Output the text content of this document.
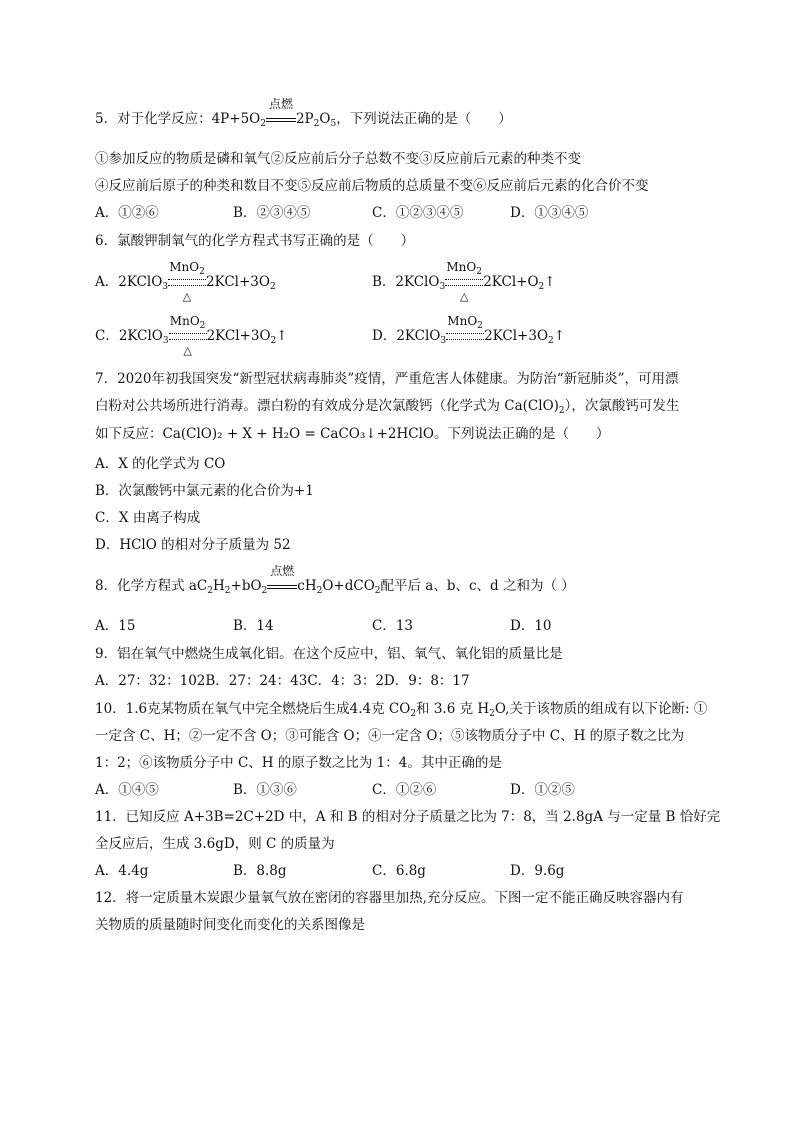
5．对于化学反应：$4P+5O_2$
点燃
$2P_2O_5$，下列说法正确的是（　　）
①参加反应的物质是磷和氧气②反应前后分子总数不变③反应前后元素的种类不变
④反应前后原子的种类和数目不变⑤反应前后物质的总质量不变⑥反应前后元素的化合价不变
A．①②⑥	B．②③④⑤	C．①②③④⑤	D．①③④⑤
6．氯酸钾制氧气的化学方程式书写正确的是（　　）
A．2KClO$_3$
MnO$_2$
△
$2KCl+3O_2$	B．2KClO$_3$
MnO$_2$
△
$2KCl+O_2↑$
C．2KClO$_3$
MnO$_2$
△
$2KCl+3O_2↑$	D．2KClO$_3$
MnO$_2$
$2KCl+3O_2↑$
7．2020年初我国突发“新型冠状病毒肺炎”疫情，严重危害人体健康。为防治“新冠肺炎”，可用漂
白粉对公共场所进行消毒。漂白粉的有效成分是次氯酸钙（化学式为 $Ca(ClO)_2$），次氯酸钙可发生
如下反应：Ca(ClO)₂ + X + H₂O = CaCO₃↓+2HClO。下列说法正确的是（　　）
A．X 的化学式为 CO
B．次氯酸钙中氯元素的化合价为+1
C．X 由离子构成
D．HClO 的相对分子质量为 52
8．化学方程式 $aC_2H_2+bO_2$
点燃
$cH_2O+dCO_2$配平后 a、b、c、d 之和为（ ）
A．15	B．14	C．13	D．10
9．铝在氧气中燃烧生成氧化铝。在这个反应中，铝、氧气、氧化铝的质量比是
A．27：32：102B．27：24：43C．4：3：2D．9：8：17
10．1.6克某物质在氧气中完全燃烧后生成4.4克 $CO_2$和 3.6 克 $H_2O$,关于该物质的组成有以下论断: ①
一定含 C、H；②一定不含 O；③可能含 O；④一定含 O；⑤该物质分子中 C、H 的原子数之比为
1：2；⑥该物质分子中 C、H 的原子数之比为 1：4。其中正确的是
A．①④⑤	B．①③⑥	C．①②⑥	D．①②⑤
11．已知反应 A+3B=2C+2D 中，A 和 B 的相对分子质量之比为 7：8，当 2.8gA 与一定量 B 恰好完
全反应后，生成 3.6gD，则 C 的质量为
A．4.4g	B．8.8g	C．6.8g	D．9.6g
12．将一定质量木炭跟少量氧气放在密闭的容器里加热,充分反应。下图一定不能正确反映容器内有
关物质的质量随时间变化而变化的关系图像是
